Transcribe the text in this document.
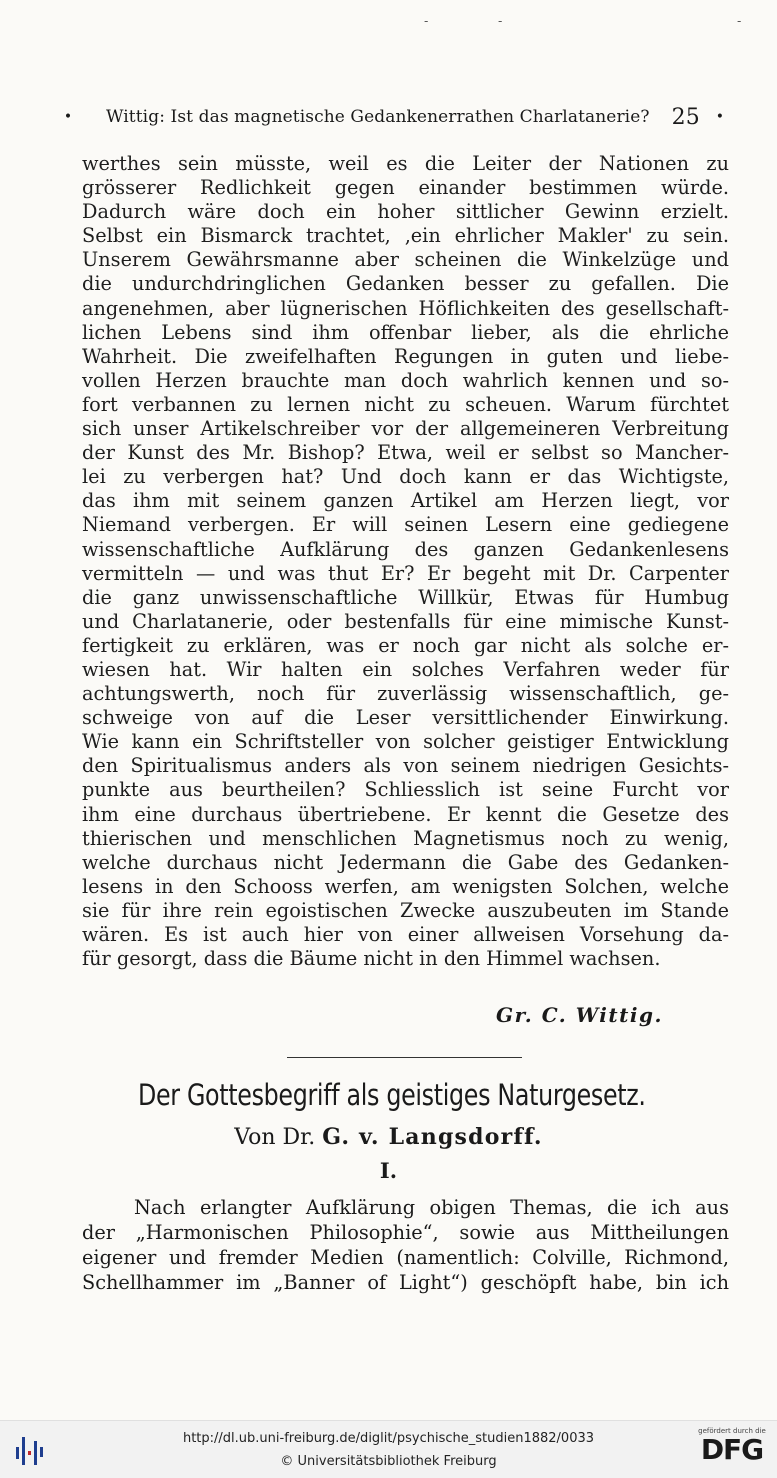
-	-	-
• Wittig: Ist das magnetische Gedankenerrathen Charlatanerie? 25 •
werthes sein müsste, weil es die Leiter der Nationen zu
grösserer Redlichkeit gegen einander bestimmen würde.
Dadurch wäre doch ein hoher sittlicher Gewinn erzielt.
Selbst ein Bismarck trachtet, ‚ein ehrlicher Makler' zu sein.
Unserem Gewährsmanne aber scheinen die Winkelzüge und
die undurchdringlichen Gedanken besser zu gefallen. Die
angenehmen, aber lügnerischen Höflichkeiten des gesellschaft-
lichen Lebens sind ihm offenbar lieber, als die ehrliche
Wahrheit. Die zweifelhaften Regungen in guten und liebe-
vollen Herzen brauchte man doch wahrlich kennen und so-
fort verbannen zu lernen nicht zu scheuen. Warum fürchtet
sich unser Artikelschreiber vor der allgemeineren Verbreitung
der Kunst des Mr. Bishop? Etwa, weil er selbst so Mancher-
lei zu verbergen hat? Und doch kann er das Wichtigste,
das ihm mit seinem ganzen Artikel am Herzen liegt, vor
Niemand verbergen. Er will seinen Lesern eine gediegene
wissenschaftliche Aufklärung des ganzen Gedankenlesens
vermitteln — und was thut Er? Er begeht mit Dr. Carpenter
die ganz unwissenschaftliche Willkür, Etwas für Humbug
und Charlatanerie, oder bestenfalls für eine mimische Kunst-
fertigkeit zu erklären, was er noch gar nicht als solche er-
wiesen hat. Wir halten ein solches Verfahren weder für
achtungswerth, noch für zuverlässig wissenschaftlich, ge-
schweige von auf die Leser versittlichender Einwirkung.
Wie kann ein Schriftsteller von solcher geistiger Entwicklung
den Spiritualismus anders als von seinem niedrigen Gesichts-
punkte aus beurtheilen? Schliesslich ist seine Furcht vor
ihm eine durchaus übertriebene. Er kennt die Gesetze des
thierischen und menschlichen Magnetismus noch zu wenig,
welche durchaus nicht Jedermann die Gabe des Gedanken-
lesens in den Schooss werfen, am wenigsten Solchen, welche
sie für ihre rein egoistischen Zwecke auszubeuten im Stande
wären. Es ist auch hier von einer allweisen Vorsehung da-
für gesorgt, dass die Bäume nicht in den Himmel wachsen.
Gr. C. Wittig.
Der Gottesbegriff als geistiges Naturgesetz.
Von Dr. G. v. Langsdorff.
I.
Nach erlangter Aufklärung obigen Themas, die ich aus
der „Harmonischen Philosophie“, sowie aus Mittheilungen
eigener und fremder Medien (namentlich: Colville, Richmond,
Schellhammer im „Banner of Light“) geschöpft habe, bin ich
http://dl.ub.uni-freiburg.de/diglit/psychische_studien1882/0033
© Universitätsbibliothek Freiburg
gefördert durch die
DFG
